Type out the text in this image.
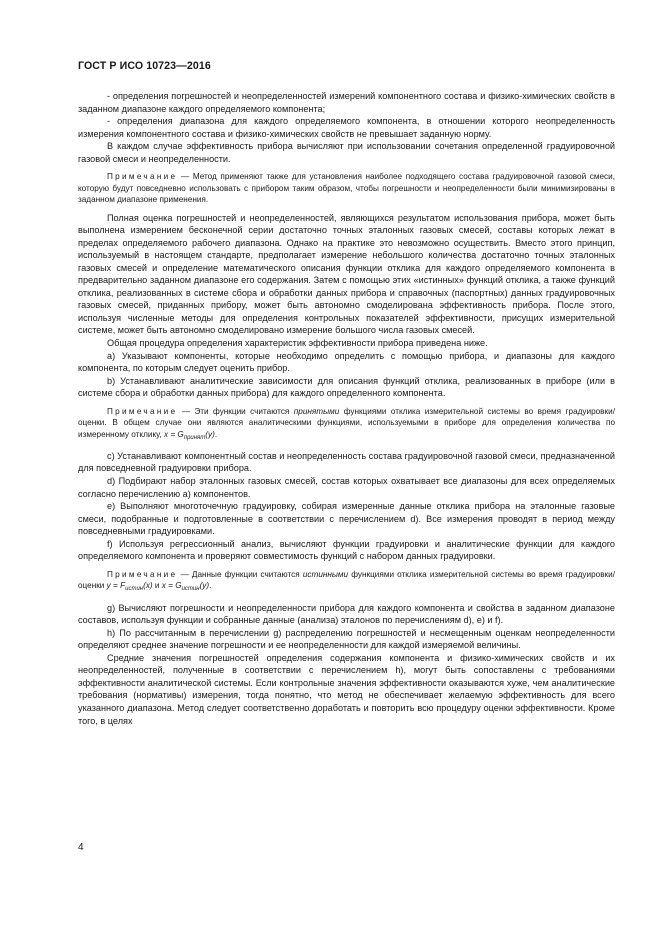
ГОСТ Р ИСО 10723—2016

- определения погрешностей и неопределенностей измерений компонентного состава и физико-химических свойств в заданном диапазоне каждого определяемого компонента;

- определения диапазона для каждого определяемого компонента, в отношении которого неопределенность измерения компонентного состава и физико-химических свойств не превышает заданную норму.

В каждом случае эффективность прибора вычисляют при использовании сочетания определенной градуировочной газовой смеси и неопределенности.

Примечание — Метод применяют также для установления наиболее подходящего состава градуировочной газовой смеси, которую будут повседневно использовать с прибором таким образом, чтобы погрешности и неопределенности были минимизированы в заданном диапазоне применения.

Полная оценка погрешностей и неопределенностей, являющихся результатом использования прибора, может быть выполнена измерением бесконечной серии достаточно точных эталонных газовых смесей, составы которых лежат в пределах определяемого рабочего диапазона. Однако на практике это невозможно осуществить. Вместо этого принцип, используемый в настоящем стандарте, предполагает измерение небольшого количества достаточно точных эталонных газовых смесей и определение математического описания функции отклика для каждого определяемого компонента в предварительно заданном диапазоне его содержания. Затем с помощью этих «истинных» функций отклика, а также функций отклика, реализованных в системе сбора и обработки данных прибора и справочных (паспортных) данных градуировочных газовых смесей, приданных прибору, может быть автономно смоделирована эффективность прибора. После этого, используя численные методы для определения контрольных показателей эффективности, присущих измерительной системе, может быть автономно смоделировано измерение большого числа газовых смесей.

Общая процедура определения характеристик эффективности прибора приведена ниже.

a) Указывают компоненты, которые необходимо определить с помощью прибора, и диапазоны для каждого компонента, по которым следует оценить прибор.

b) Устанавливают аналитические зависимости для описания функций отклика, реализованных в приборе (или в системе сбора и обработки данных прибора) для каждого определенного компонента.

Примечание — Эти функции считаются принятыми функциями отклика измерительной системы во время градуировки/оценки. В общем случае они являются аналитическими функциями, используемыми в приборе для определения количества по измеренному отклику, $x = G_{принят}(y)$.

c) Устанавливают компонентный состав и неопределенность состава градуировочной газовой смеси, предназначенной для повседневной градуировки прибора.

d) Подбирают набор эталонных газовых смесей, состав которых охватывает все диапазоны для всех определяемых согласно перечислению a) компонентов.

e) Выполняют многоточечную градуировку, собирая измеренные данные отклика прибора на эталонные газовые смеси, подобранные и подготовленные в соответствии с перечислением d). Все измерения проводят в период между повседневными градуировками.

f) Используя регрессионный анализ, вычисляют функции градуировки и аналитические функции для каждого определяемого компонента и проверяют совместимость функций с набором данных градуировки.

Примечание — Данные функции считаются истинными функциями отклика измерительной системы во время градуировки/оценки $y = F_{истин}(x)$ и $x = G_{истин}(y)$.

g) Вычисляют погрешности и неопределенности прибора для каждого компонента и свойства в заданном диапазоне составов, используя функции и собранные данные (анализа) эталонов по перечислениям d), e) и f).

h) По рассчитанным в перечислении g) распределению погрешностей и несмещенным оценкам неопределенности определяют среднее значение погрешности и ее неопределенности для каждой измеряемой величины.

Средние значения погрешностей определения содержания компонента и физико-химических свойств и их неопределенностей, полученные в соответствии с перечислением h), могут быть сопоставлены с требованиями эффективности аналитической системы. Если контрольные значения эффективности оказываются хуже, чем аналитические требования (нормативы) измерения, тогда понятно, что метод не обеспечивает желаемую эффективность для всего указанного диапазона. Метод следует соответственно доработать и повторить всю процедуру оценки эффективности. Кроме того, в целях

4
